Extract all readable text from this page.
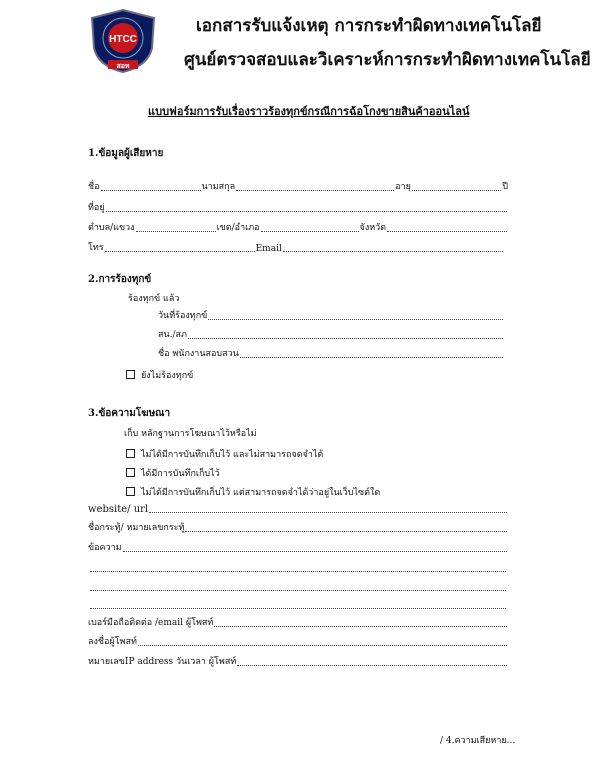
HTCC
สอท
เอกสารรับแจ้งเหตุ การกระทำผิดทางเทคโนโลยี
ศูนย์ตรวจสอบและวิเคราะห์การกระทำผิดทางเทคโนโลยี
แบบฟอร์มการรับเรื่องราวร้องทุกข์กรณีการฉ้อโกงขายสินค้าออนไลน์
1.ข้อมูลผู้เสียหาย
ชื่อ	นามสกุล	อายุ	ปี
ที่อยู่
ตำบล/แขวง	เขต/อำเภอ	จังหวัด
โทร	Email
2.การร้องทุกข์
ร้องทุกข์ แล้ว
วันที่ร้องทุกข์
สน./สภ
ชื่อ พนักงานสอบสวน
ยังไม่ร้องทุกข์
3.ข้อความโฆษณา
เก็บ หลักฐานการโฆษณาไว้หรือไม่
ไม่ได้มีการบันทึกเก็บไว้ และไม่สามารถจดจำได้
ได้มีการบันทึกเก็บไว้
ไม่ได้มีการบันทึกเก็บไว้ แต่สามารถจดจำได้ว่าอยู่ในเว็บไซต์ใด
website/ url
ชื่อกระทู้/ หมายเลขกระทู้
ข้อความ
เบอร์มือถือติดต่อ /email ผู้โพสท์
ลงชื่อผู้โพสท์
หมายเลขIP address วันเวลา ผู้โพสท์
/ 4.ความเสียหาย...
